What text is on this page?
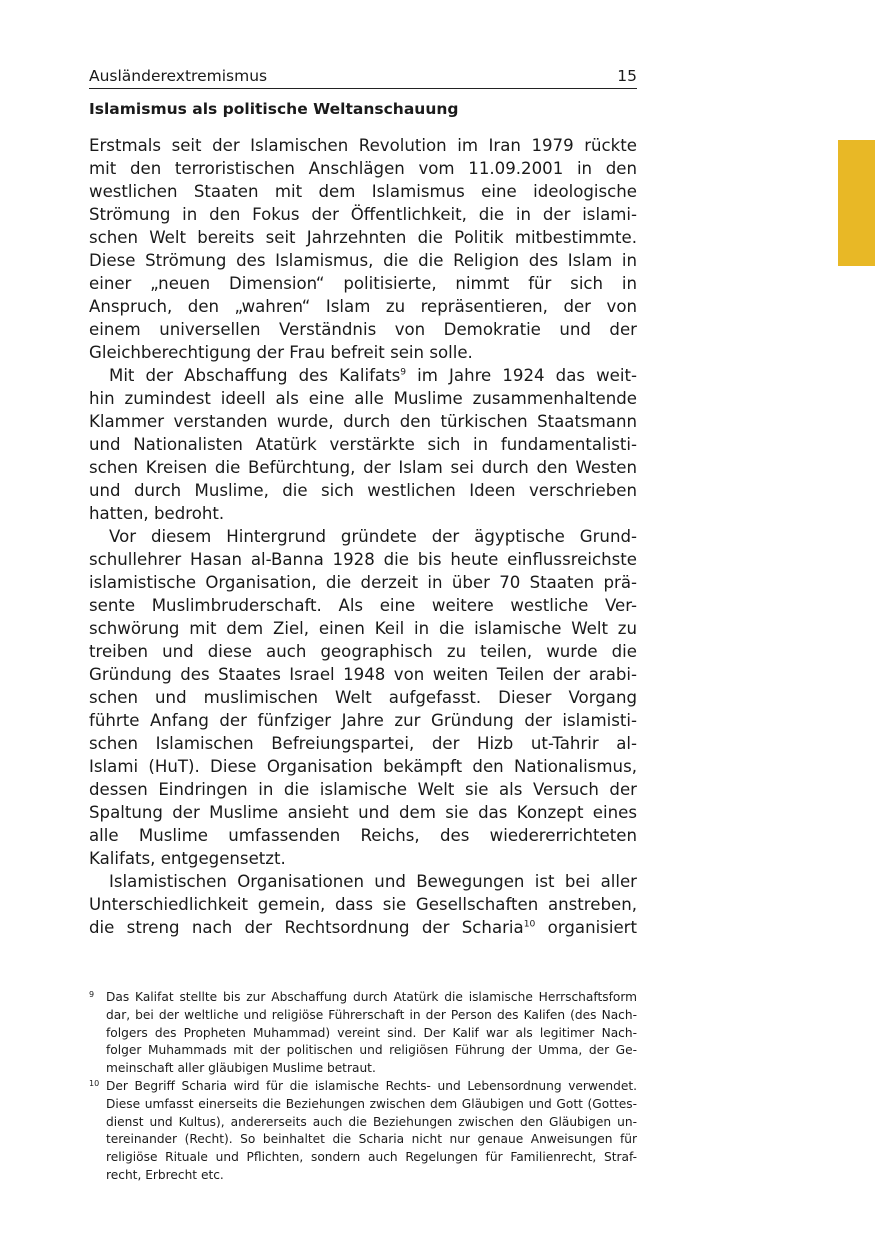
Ausländerextremismus	15
Islamismus als politische Weltanschauung
Erstmals seit der Islamischen Revolution im Iran 1979 rückte
mit den terroristischen Anschlägen vom 11.09.2001 in den
westlichen Staaten mit dem Islamismus eine ideologische
Strömung in den Fokus der Öffentlichkeit, die in der islami-
schen Welt bereits seit Jahrzehnten die Politik mitbestimmte.
Diese Strömung des Islamismus, die die Religion des Islam in
einer „neuen Dimension“ politisierte, nimmt für sich in
Anspruch, den „wahren“ Islam zu repräsentieren, der von
einem universellen Verständnis von Demokratie und der
Gleichberechtigung der Frau befreit sein solle.
Mit der Abschaffung des Kalifats$^9$ im Jahre 1924 das weit-
hin zumindest ideell als eine alle Muslime zusammenhaltende
Klammer verstanden wurde, durch den türkischen Staatsmann
und Nationalisten Atatürk verstärkte sich in fundamentalisti-
schen Kreisen die Befürchtung, der Islam sei durch den Westen
und durch Muslime, die sich westlichen Ideen verschrieben
hatten, bedroht.
Vor diesem Hintergrund gründete der ägyptische Grund-
schullehrer Hasan al-Banna 1928 die bis heute einflussreichste
islamistische Organisation, die derzeit in über 70 Staaten prä-
sente Muslimbruderschaft. Als eine weitere westliche Ver-
schwörung mit dem Ziel, einen Keil in die islamische Welt zu
treiben und diese auch geographisch zu teilen, wurde die
Gründung des Staates Israel 1948 von weiten Teilen der arabi-
schen und muslimischen Welt aufgefasst. Dieser Vorgang
führte Anfang der fünfziger Jahre zur Gründung der islamisti-
schen Islamischen Befreiungspartei, der Hizb ut-Tahrir al-
Islami (HuT). Diese Organisation bekämpft den Nationalismus,
dessen Eindringen in die islamische Welt sie als Versuch der
Spaltung der Muslime ansieht und dem sie das Konzept eines
alle Muslime umfassenden Reichs, des wiedererrichteten
Kalifats, entgegensetzt.
Islamistischen Organisationen und Bewegungen ist bei aller
Unterschiedlichkeit gemein, dass sie Gesellschaften anstreben,
die streng nach der Rechtsordnung der Scharia$^{10}$ organisiert
9 Das Kalifat stellte bis zur Abschaffung durch Atatürk die islamische Herrschaftsform
dar, bei der weltliche und religiöse Führerschaft in der Person des Kalifen (des Nach-
folgers des Propheten Muhammad) vereint sind. Der Kalif war als legitimer Nach-
folger Muhammads mit der politischen und religiösen Führung der Umma, der Ge-
meinschaft aller gläubigen Muslime betraut.
10 Der Begriff Scharia wird für die islamische Rechts- und Lebensordnung verwendet.
Diese umfasst einerseits die Beziehungen zwischen dem Gläubigen und Gott (Gottes-
dienst und Kultus), andererseits auch die Beziehungen zwischen den Gläubigen un-
tereinander (Recht). So beinhaltet die Scharia nicht nur genaue Anweisungen für
religiöse Rituale und Pflichten, sondern auch Regelungen für Familienrecht, Straf-
recht, Erbrecht etc.
